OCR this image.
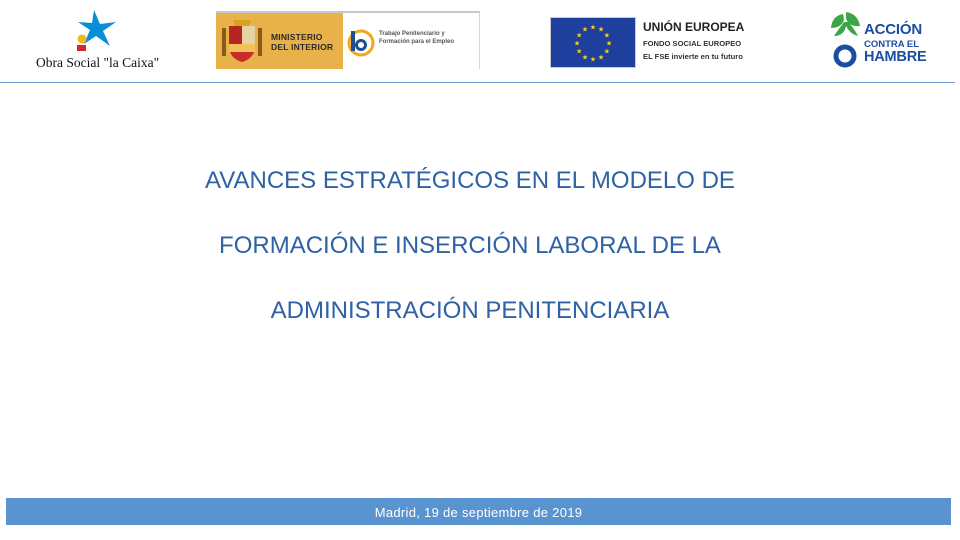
Obra Social "la Caixa"
MINISTERIO
DEL INTERIOR
Trabajo Penitenciario y
Formación para el Empleo	★
★
★
★
★
★
★
★
★ ★ ★
★
UNIÓN EUROPEA
FONDO SOCIAL EUROPEO
EL FSE invierte en tu futuro
ACCIÓN
CONTRA EL
HAMBRE
AVANCES ESTRATÉGICOS EN EL MODELO DE
FORMACIÓN E INSERCIÓN LABORAL DE LA
ADMINISTRACIÓN PENITENCIARIA
Madrid, 19 de septiembre de 2019
